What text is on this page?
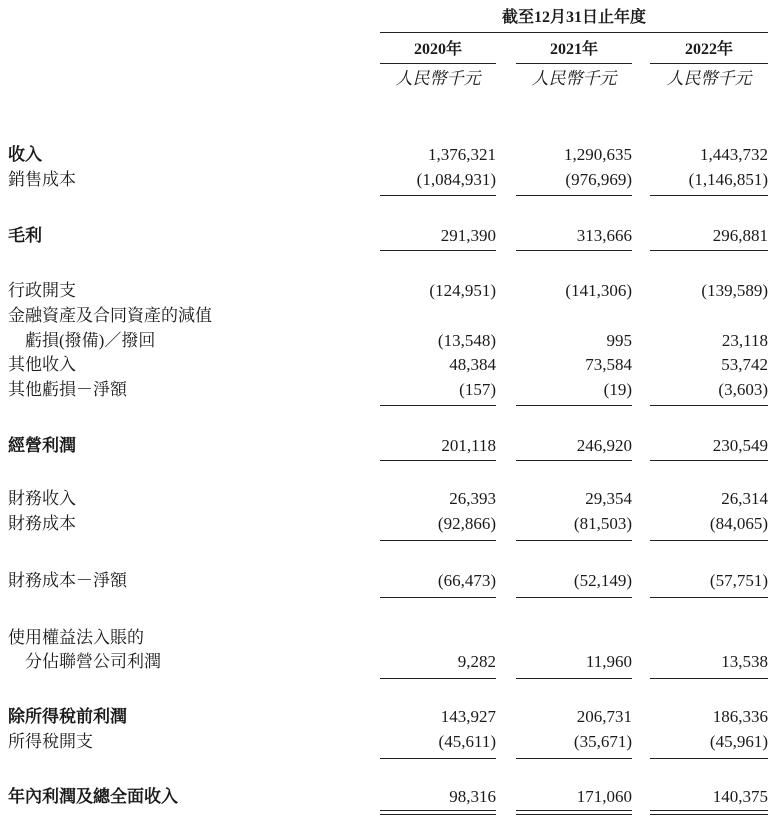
截至12月31日止年度
2020年	2021年	2022年
人民幣千元	人民幣千元	人民幣千元
收入	1,376,321	1,290,635	1,443,732
銷售成本	(1,084,931)	(976,969)	(1,146,851)
毛利	291,390	313,666	296,881
行政開支	(124,951)	(141,306)	(139,589)
金融資產及合同資產的減值
　虧損(撥備)／撥回	(13,548)	995	23,118
其他收入	48,384	73,584	53,742
其他虧損－淨額	(157)	(19)	(3,603)
經營利潤	201,118	246,920	230,549
財務收入	26,393	29,354	26,314
財務成本	(92,866)	(81,503)	(84,065)
財務成本－淨額	(66,473)	(52,149)	(57,751)
使用權益法入賬的
　分佔聯營公司利潤	9,282	11,960	13,538
除所得稅前利潤	143,927	206,731	186,336
所得稅開支	(45,611)	(35,671)	(45,961)
年內利潤及總全面收入	98,316	171,060	140,375
